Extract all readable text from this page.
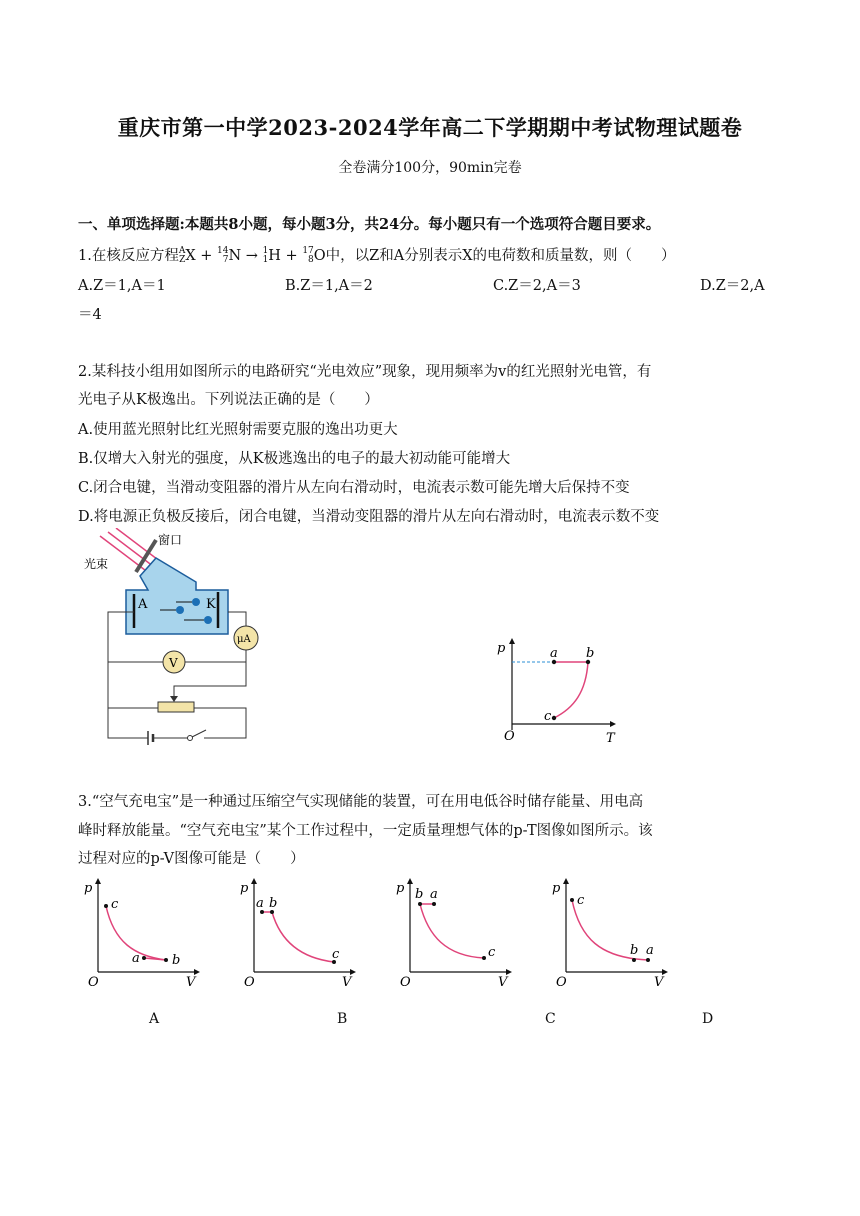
重庆市第一中学2023-2024学年高二下学期期中考试物理试题卷
全卷满分100分，90min完卷
一、单项选择题:本题共8小题，每小题3分，共24分。每小题只有一个选项符合题目要求。
1.在核反应方程 A
Z X + 14
7 N → 1
1 H + 17
8 O中，以Z和A分别表示X的电荷数和质量数，则（　　）
A.Z＝1,A＝1	B.Z＝1,A＝2	C.Z＝2,A＝3	D.Z＝2,A
＝4
2.某科技小组用如图所示的电路研究“光电效应”现象，现用频率为v的红光照射光电管，有
光电子从K极逸出。下列说法正确的是（　　）
A.使用蓝光照射比红光照射需要克服的逸出功更大
B.仅增大入射光的强度，从K极逃逸出的电子的最大初动能可能增大
C.闭合电键，当滑动变阻器的滑片从左向右滑动时，电流表示数可能先增大后保持不变
D.将电源正负极反接后，闭合电键，当滑动变阻器的滑片从左向右滑动时，电流表示数不变
窗口
光束
A	K
μA
V
p
T
O
a b
c
3.“空气充电宝”是一种通过压缩空气实现储能的装置，可在用电低谷时储存能量、用电高
峰时释放能量。“空气充电宝”某个工作过程中，一定质量理想气体的p-T图像如图所示。该
过程对应的p-V图像可能是（　　）
p
V
O
c
a b
A
p
V
O
a b
c
B
p
V
O
b a
c
C
p
V
O
c
b a
D
